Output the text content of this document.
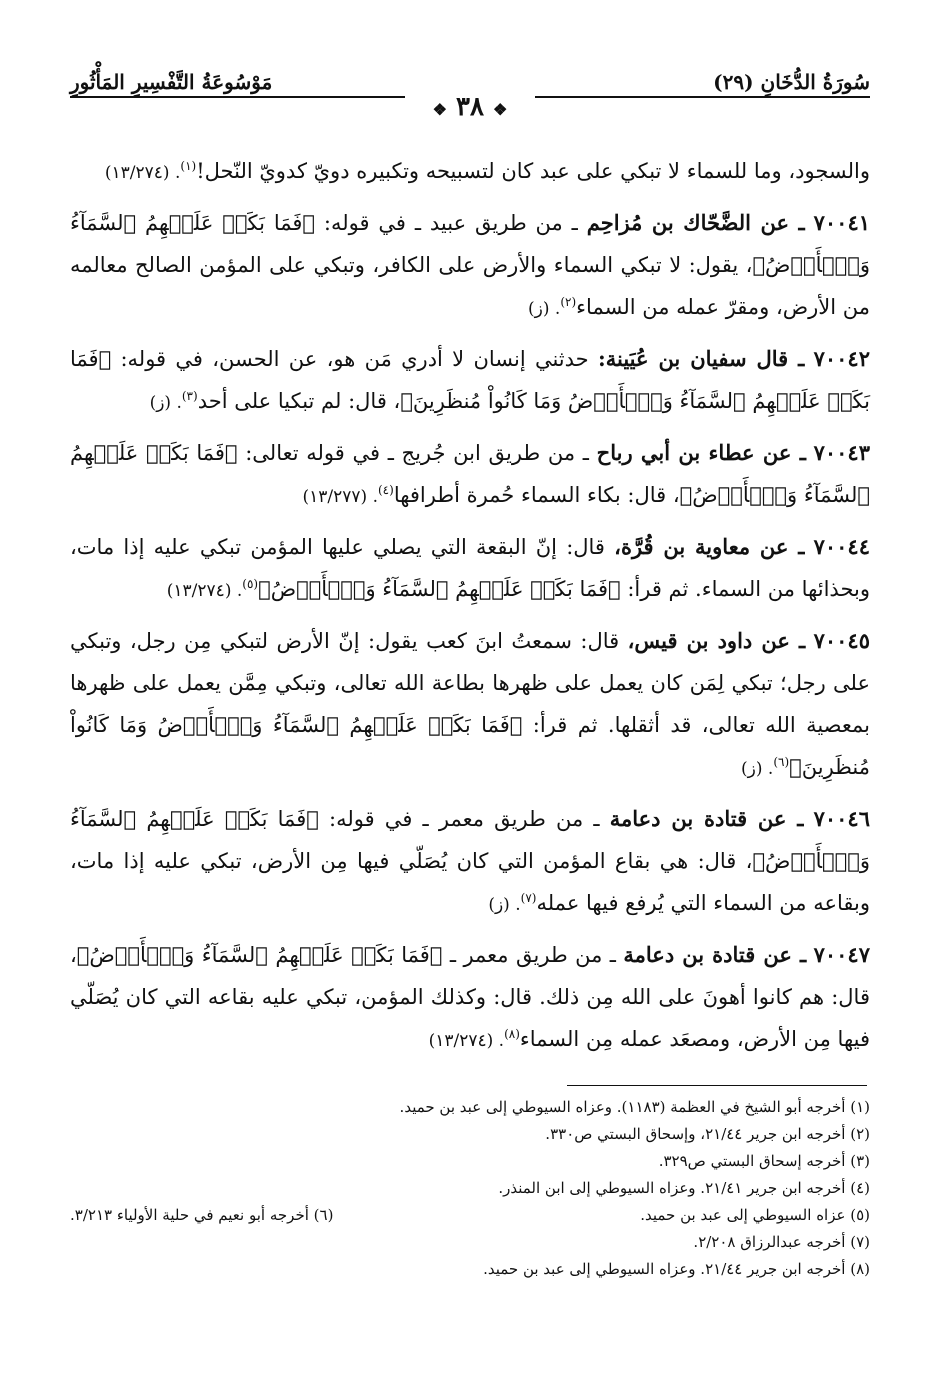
سُورَةُ الدُّخَانِ (٢٩)
مَوْسُوعَةُ التَّفْسِيرِ المَأْثُورِ
❖ ٣٨ ❖

والسجود، وما للسماء لا تبكي على عبد كان لتسبيحه وتكبيره دويّ كدويّ النّحل!$^{(١)}$. (١٣/٢٧٤)

٧٠٠٤١ ـ عن الضَّحّاك بن مُزاحِم ـ من طريق عبيد ـ في قوله: ﴿فَمَا بَكَتۡ عَلَيۡهِمُ ٱلسَّمَآءُ وَٱلۡأَرۡضُ﴾، يقول: لا تبكي السماء والأرض على الكافر، وتبكي على المؤمن الصالح معالمه من الأرض، ومقرّ عمله من السماء$^{(٢)}$. (ز)

٧٠٠٤٢ ـ قال سفيان بن عُيَينة: حدثني إنسان لا أدري مَن هو، عن الحسن، في قوله: ﴿فَمَا بَكَتۡ عَلَيۡهِمُ ٱلسَّمَآءُ وَٱلۡأَرۡضُ وَمَا كَانُواْ مُنظَرِينَ﴾، قال: لم تبكيا على أحد$^{(٣)}$. (ز)

٧٠٠٤٣ ـ عن عطاء بن أبي رباح ـ من طريق ابن جُريج ـ في قوله تعالى: ﴿فَمَا بَكَتۡ عَلَيۡهِمُ ٱلسَّمَآءُ وَٱلۡأَرۡضُ﴾، قال: بكاء السماء حُمرة أطرافها$^{(٤)}$. (١٣/٢٧٧)

٧٠٠٤٤ ـ عن معاوية بن قُرَّة، قال: إنّ البقعة التي يصلي عليها المؤمن تبكي عليه إذا مات، وبحذائها من السماء. ثم قرأ: ﴿فَمَا بَكَتۡ عَلَيۡهِمُ ٱلسَّمَآءُ وَٱلۡأَرۡضُ﴾$^{(٥)}$. (١٣/٢٧٤)

٧٠٠٤٥ ـ عن داود بن قيس، قال: سمعتُ ابنَ كعب يقول: إنّ الأرض لتبكي مِن رجل، وتبكي على رجل؛ تبكي لِمَن كان يعمل على ظهرها بطاعة الله تعالى، وتبكي مِمَّن يعمل على ظهرها بمعصية الله تعالى، قد أثقلها. ثم قرأ: ﴿فَمَا بَكَتۡ عَلَيۡهِمُ ٱلسَّمَآءُ وَٱلۡأَرۡضُ وَمَا كَانُواْ مُنظَرِينَ﴾$^{(٦)}$. (ز)

٧٠٠٤٦ ـ عن قتادة بن دعامة ـ من طريق معمر ـ في قوله: ﴿فَمَا بَكَتۡ عَلَيۡهِمُ ٱلسَّمَآءُ وَٱلۡأَرۡضُ﴾، قال: هي بقاع المؤمن التي كان يُصَلّي فيها مِن الأرض، تبكي عليه إذا مات، وبقاعه من السماء التي يُرفع فيها عمله$^{(٧)}$. (ز)

٧٠٠٤٧ ـ عن قتادة بن دعامة ـ من طريق معمر ـ ﴿فَمَا بَكَتۡ عَلَيۡهِمُ ٱلسَّمَآءُ وَٱلۡأَرۡضُ﴾، قال: هم كانوا أهونَ على الله مِن ذلك. قال: وكذلك المؤمن، تبكي عليه بقاعه التي كان يُصَلّي فيها مِن الأرض، ومصعَد عمله مِن السماء$^{(٨)}$. (١٣/٢٧٤)

(١) أخرجه أبو الشيخ في العظمة (١١٨٣). وعزاه السيوطي إلى عبد بن حميد.
(٢) أخرجه ابن جرير ٢١/٤٤، وإسحاق البستي ص٣٣٠.
(٣) أخرجه إسحاق البستي ص٣٢٩.
(٤) أخرجه ابن جرير ٢١/٤١. وعزاه السيوطي إلى ابن المنذر.
(٥) عزاه السيوطي إلى عبد بن حميد.
(٦) أخرجه أبو نعيم في حلية الأولياء ٣/٢١٣.
(٧) أخرجه عبدالرزاق ٢/٢٠٨.
(٨) أخرجه ابن جرير ٢١/٤٤. وعزاه السيوطي إلى عبد بن حميد.
